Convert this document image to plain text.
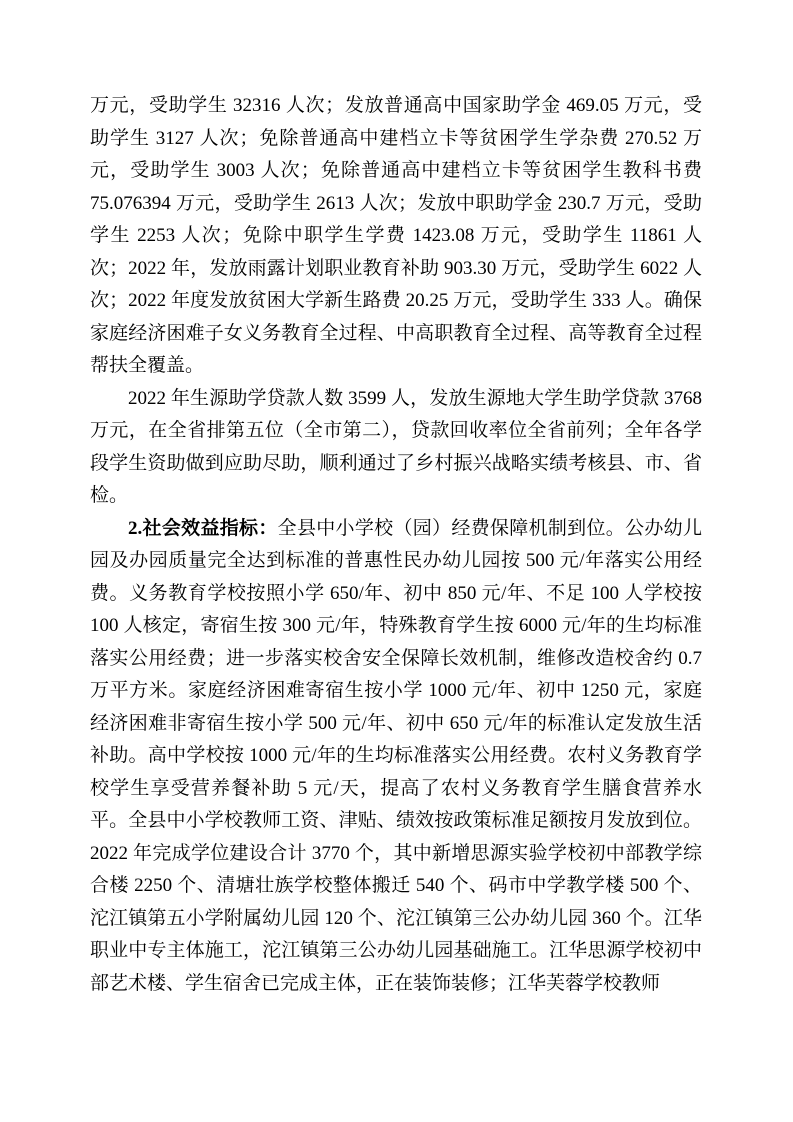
万元，受助学生 32316 人次；发放普通高中国家助学金 469.05 万元，受助学生 3127 人次；免除普通高中建档立卡等贫困学生学杂费 270.52 万元，受助学生 3003 人次；免除普通高中建档立卡等贫困学生教科书费 75.076394 万元，受助学生 2613 人次；发放中职助学金 230.7 万元，受助学生 2253 人次；免除中职学生学费 1423.08 万元，受助学生 11861 人次；2022 年，发放雨露计划职业教育补助 903.30 万元，受助学生 6022 人次；2022 年度发放贫困大学新生路费 20.25 万元，受助学生 333 人。确保家庭经济困难子女义务教育全过程、中高职教育全过程、高等教育全过程帮扶全覆盖。

2022 年生源助学贷款人数 3599 人，发放生源地大学生助学贷款 3768 万元，在全省排第五位（全市第二），贷款回收率位全省前列；全年各学段学生资助做到应助尽助，顺利通过了乡村振兴战略实绩考核县、市、省检。

2.社会效益指标：全县中小学校（园）经费保障机制到位。公办幼儿园及办园质量完全达到标准的普惠性民办幼儿园按 500 元/年落实公用经费。义务教育学校按照小学 650/年、初中 850 元/年、不足 100 人学校按 100 人核定，寄宿生按 300 元/年，特殊教育学生按 6000 元/年的生均标准落实公用经费；进一步落实校舍安全保障长效机制，维修改造校舍约 0.7 万平方米。家庭经济困难寄宿生按小学 1000 元/年、初中 1250 元，家庭经济困难非寄宿生按小学 500 元/年、初中 650 元/年的标准认定发放生活补助。高中学校按 1000 元/年的生均标准落实公用经费。农村义务教育学校学生享受营养餐补助 5 元/天，提高了农村义务教育学生膳食营养水平。全县中小学校教师工资、津贴、绩效按政策标准足额按月发放到位。2022 年完成学位建设合计 3770 个，其中新增思源实验学校初中部教学综合楼 2250 个、清塘壮族学校整体搬迁 540 个、码市中学教学楼 500 个、沱江镇第五小学附属幼儿园 120 个、沱江镇第三公办幼儿园 360 个。江华职业中专主体施工，沱江镇第三公办幼儿园基础施工。江华思源学校初中部艺术楼、学生宿舍已完成主体，正在装饰装修；江华芙蓉学校教师
